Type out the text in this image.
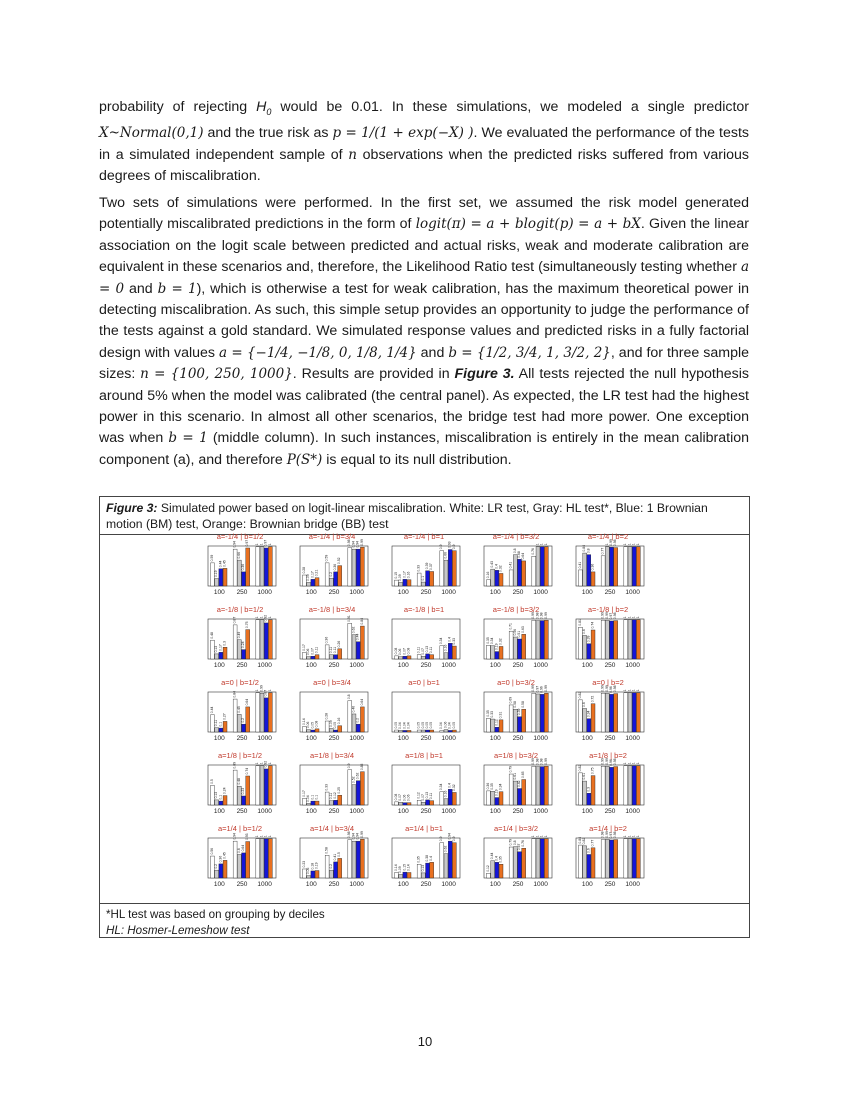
probability of rejecting $H_0$ would be 0.01. In these simulations, we modeled a single predictor X~Normal(0,1) and the true risk as p = 1/(1 + exp(−X) ). We evaluated the performance of the tests in a simulated independent sample of n observations when the predicted risks suffered from various degrees of miscalibration.

Two sets of simulations were performed. In the first set, we assumed the risk model generated potentially miscalibrated predictions in the form of logit(π) = a + blogit(p) = a + bX. Given the linear association on the logit scale between predicted and actual risks, weak and moderate calibration are equivalent in these scenarios and, therefore, the Likelihood Ratio test (simultaneously testing whether a = 0 and b = 1), which is otherwise a test for weak calibration, has the maximum theoretical power in detecting miscalibration. As such, this simple setup provides an opportunity to judge the performance of the tests against a gold standard. We simulated response values and predicted risks in a fully factorial design with values a = {−1/4, −1/8, 0, 1/8, 1/4} and b = {1/2, 3/4, 1, 3/2, 2}, and for three sample sizes: n = {100, 250, 1000}. Results are provided in Figure 3. All tests rejected the null hypothesis around 5% when the model was calibrated (the central panel). As expected, the LR test had the highest power in this scenario. In almost all other scenarios, the bridge test had more power. One exception was when b = 1 (middle column). In such instances, miscalibration is entirely in the mean calibration component (a), and therefore P(S*) is equal to its null distribution.

Figure 3: Simulated power based on logit-linear miscalibration. White: LR test, Gray: HL test*, Blue: 1 Brownian motion (BM) test, Orange: Brownian bridge (BB) test
*HL test was based on grouping by deciles
HL: Hosmer-Lemeshow test
a=-1/4 | b=1/2
0.59
0.19
0.44 0.45
100
0.94
0.66
0.36
0.97
250
1 1 0.97 1
1000
a=-1/4 | b=3/4
0.28
0.09 0.17 0.21
100
0.59
0.2
0.36
0.52
250
0.98 0.94 0.94 0.99
1000
a=-1/4 | b=1
0.15 0.09 0.17 0.16
100
0.33
0.1
0.39 0.37
250
0.9
0.66
0.93 0.9
1000
a=-1/4 | b=3/2
0.16
0.43 0.4 0.32
100
0.41
0.8
0.68 0.64
250
0.76
1 1 1
1000
a=-1/4 | b=2
0.41
0.84 0.8
0.36
100
0.77
1 0.99 0.98
250
1 1 1 1
1000
a=-1/8 | b=1/2
0.48
0.13 0.17
0.3
100
0.87
0.49
0.24
0.75
250
1 1 0.92 1
1000
a=-1/8 | b=3/4
0.17
0.06 0.07 0.11
100
0.36
0.11 0.11
0.26
250
0.91
0.62
0.44
0.84
1000
a=-1/8 | b=1
0.08 0.06 0.07 0.08
100
0.11 0.07 0.13 0.11
250
0.34
0.16
0.4 0.33
1000
a=-1/8 | b=3/2
0.35 0.34
0.19
0.32
100
0.71
0.56 0.51
0.63
250
0.99 0.98 0.98 0.99
1000
a=-1/8 | b=2
0.81
0.6
0.39
0.74
100
0.99 0.99 0.97 0.98
250
1 1 1 1
1000
a=0 | b=1/2
0.44
0.11 0.1
0.27
100
0.84
0.45
0.2
0.64
250
1 0.99
0.87 1
1000
a=0 | b=3/4
0.14 0.06 0.05 0.08
100
0.28
0.09 0.05
0.16
250
0.8
0.46
0.2
0.64
1000
a=0 | b=1
0.05 0.04 0.04 0.04
100
0.05 0.05 0.05 0.05
250
0.04 0.06 0.04 0.05
1000
a=0 | b=3/2
0.35 0.33
0.12
0.31
100
0.69
0.58
0.39
0.58
250
0.99 0.97 0.96 0.99
1000
a=0 | b=2
0.82
0.6
0.34
0.72
100
0.99 0.99 0.96 0.98
250
1 1 1 1
1000
a=1/8 | b=1/2
0.5
0.13 0.1
0.24
100
0.89
0.48
0.23
0.74
250
1 1 0.92 1
1000
a=1/8 | b=3/4
0.17
0.04 0.1 0.1
100
0.33
0.11 0.12
0.25
250
0.9
0.52
0.62
0.85
1000
a=1/8 | b=1
0.08 0.07 0.06 0.06
100
0.12 0.07 0.13 0.11
250
0.34
0.16
0.4 0.32
1000
a=1/8 | b=3/2
0.36 0.35
0.19
0.34
100
0.79
0.61
0.42
0.65
250
0.99 0.98 0.98 0.99
1000
a=1/8 | b=2
0.82
0.61
0.3
0.75
100
0.99 0.99 0.96 0.98
250
1 1 1 1
1000
a=1/4 | b=1/2
0.56
0.2
0.36
0.45
100
0.94
0.6 0.64
0.93
250
1 1 1 1
1000
a=1/4 | b=3/4
0.23
0.06
0.18 0.19
100
0.58
0.2
0.41 0.5
250
0.98 0.94 0.94 0.99
1000
a=1/4 | b=1
0.14 0.09 0.15 0.14
100
0.35
0.13
0.38 0.4
250
0.9
0.62
0.94 0.9
1000
a=1/4 | b=3/2
0.12
0.44 0.4 0.35
100
0.79 0.8
0.67
0.76
250
1 1 1 1
1000
a=1/4 | b=2
0.84 0.82
0.6
0.77
100
0.98 0.99 0.97 0.98
250
1 1 1 1
1000
10
